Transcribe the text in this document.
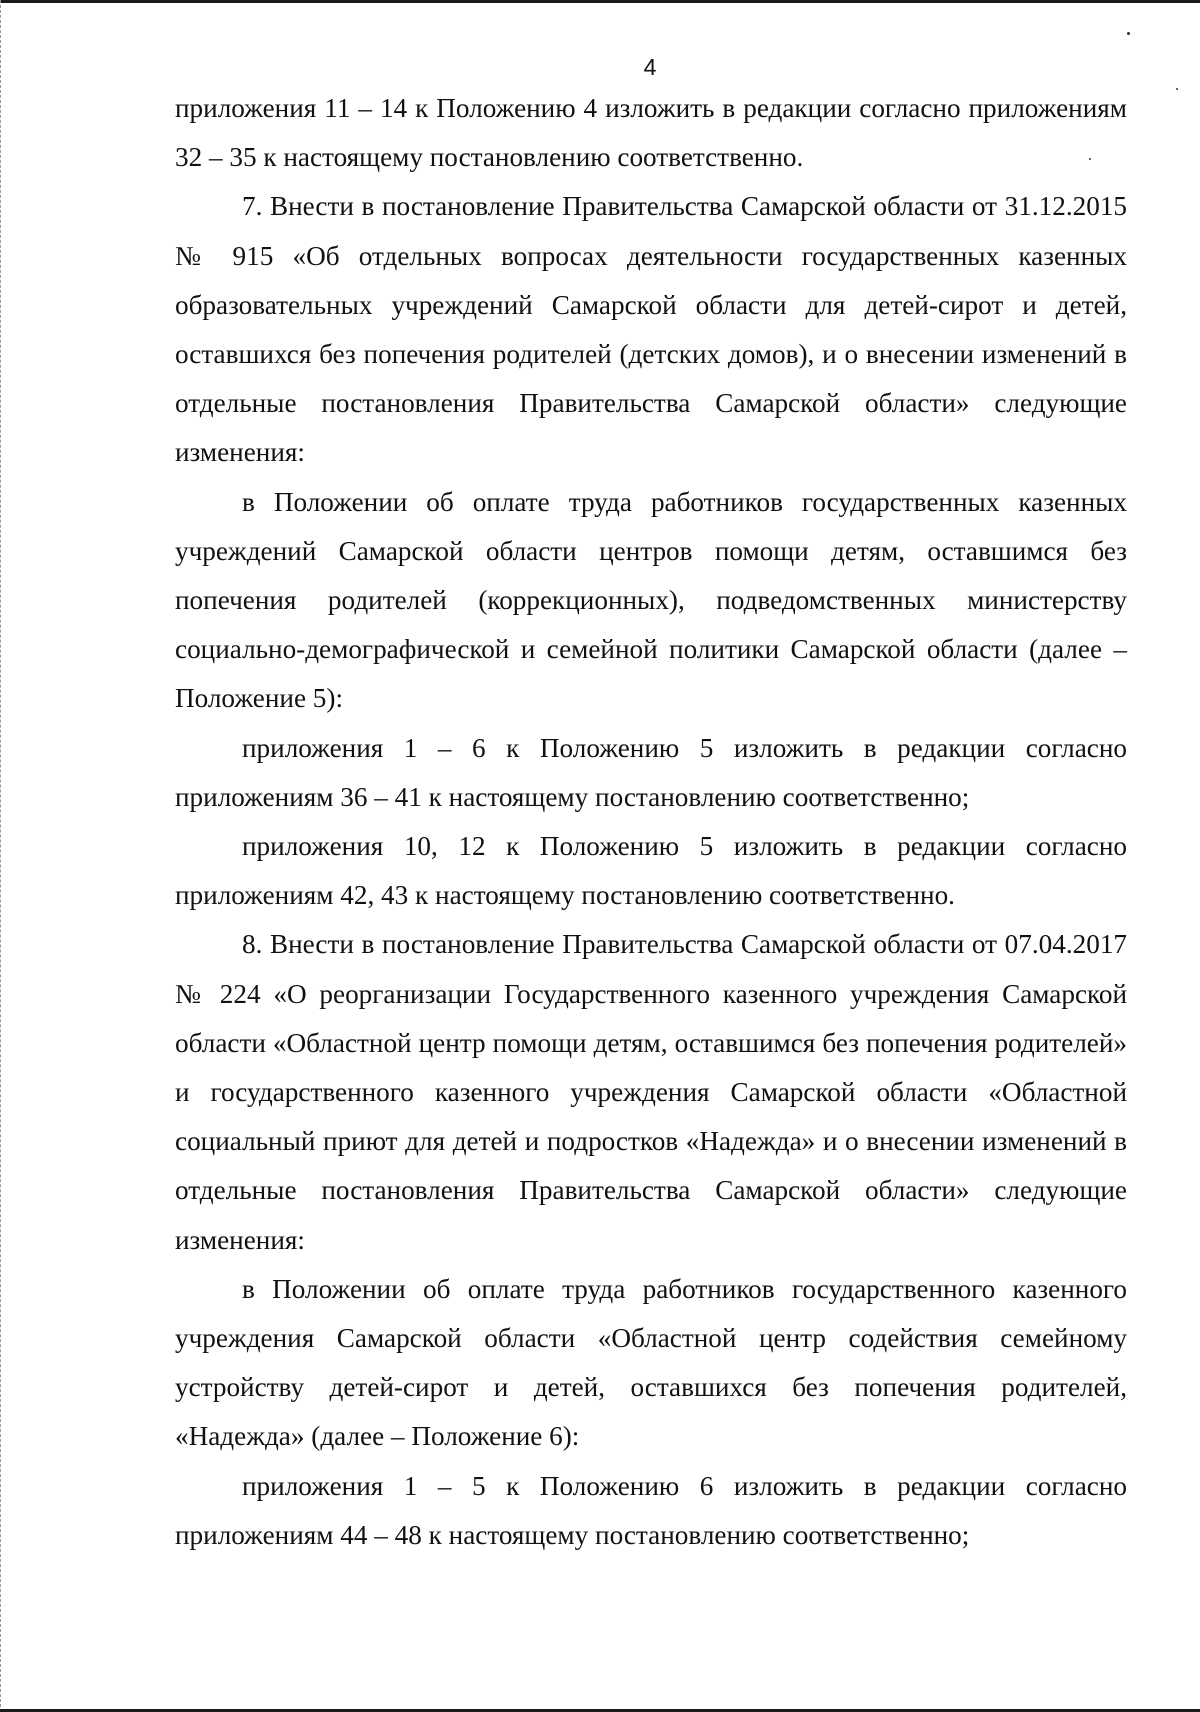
4

приложения 11 – 14 к Положению 4 изложить в редакции согласно приложениям 32 – 35 к настоящему постановлению соответственно.

7. Внести в постановление Правительства Самарской области от 31.12.2015 № 915 «Об отдельных вопросах деятельности государственных казенных образовательных учреждений Самарской области для детей-сирот и детей, оставшихся без попечения родителей (детских домов), и о внесении изменений в отдельные постановления Правительства Самарской области» следующие изменения:

в Положении об оплате труда работников государственных казенных учреждений Самарской области центров помощи детям, оставшимся без попечения родителей (коррекционных), подведомственных министерству социально-демографической и семейной политики Самарской области (далее – Положение 5):

приложения 1 – 6 к Положению 5 изложить в редакции согласно приложениям 36 – 41 к настоящему постановлению соответственно;

приложения 10, 12 к Положению 5 изложить в редакции согласно приложениям 42, 43 к настоящему постановлению соответственно.

8. Внести в постановление Правительства Самарской области от 07.04.2017 № 224 «О реорганизации Государственного казенного учреждения Самарской области «Областной центр помощи детям, оставшимся без попечения родителей» и государственного казенного учреждения Самарской области «Областной социальный приют для детей и подростков «Надежда» и о внесении изменений в отдельные постановления Правительства Самарской области» следующие изменения:

в Положении об оплате труда работников государственного казенного учреждения Самарской области «Областной центр содействия семейному устройству детей-сирот и детей, оставшихся без попечения родителей, «Надежда» (далее – Положение 6):

приложения 1 – 5 к Положению 6 изложить в редакции согласно приложениям 44 – 48 к настоящему постановлению соответственно;
